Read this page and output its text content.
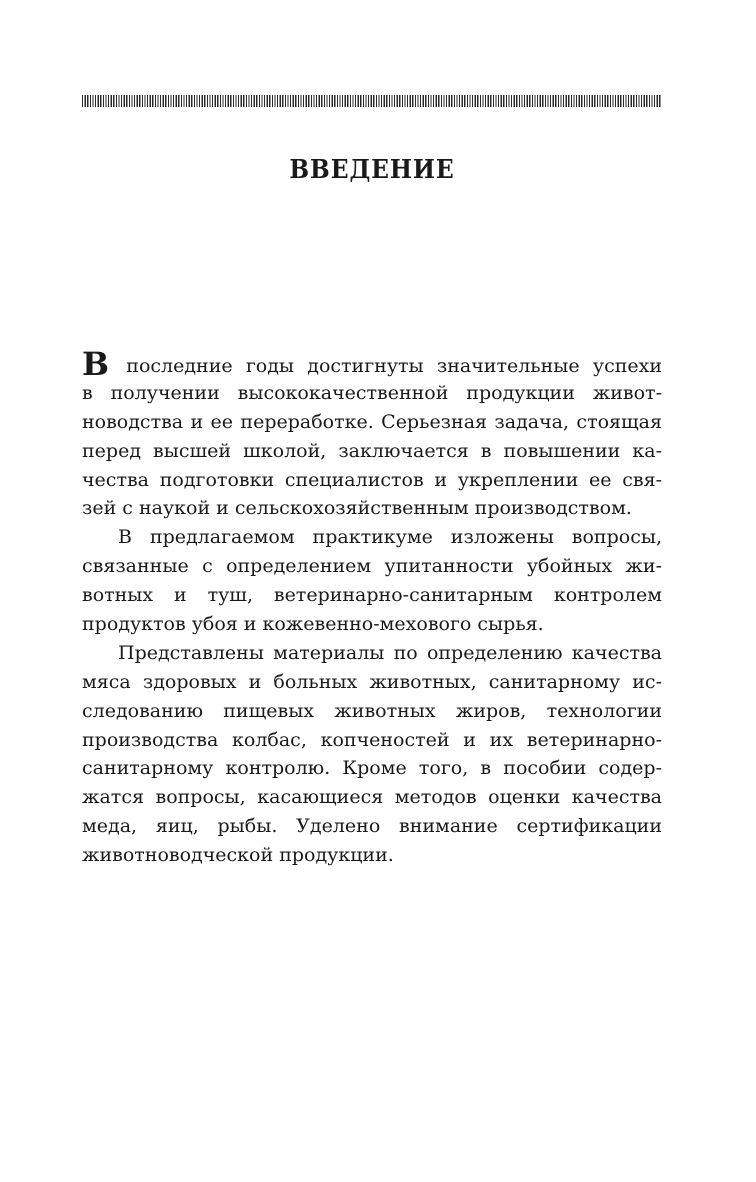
ВВЕДЕНИЕ
В последние годы достигнуты значительные успехи
в получении высококачественной продукции живот-
новодства и ее переработке. Серьезная задача, стоящая
перед высшей школой, заключается в повышении ка-
чества подготовки специалистов и укреплении ее свя-
зей с наукой и сельскохозяйственным производством.
В предлагаемом практикуме изложены вопросы,
связанные с определением упитанности убойных жи-
вотных и туш, ветеринарно-санитарным контролем
продуктов убоя и кожевенно-мехового сырья.
Представлены материалы по определению качества
мяса здоровых и больных животных, санитарному ис-
следованию пищевых животных жиров, технологии
производства колбас, копченостей и их ветеринарно-
санитарному контролю. Кроме того, в пособии содер-
жатся вопросы, касающиеся методов оценки качества
меда, яиц, рыбы. Уделено внимание сертификации
животноводческой продукции.
